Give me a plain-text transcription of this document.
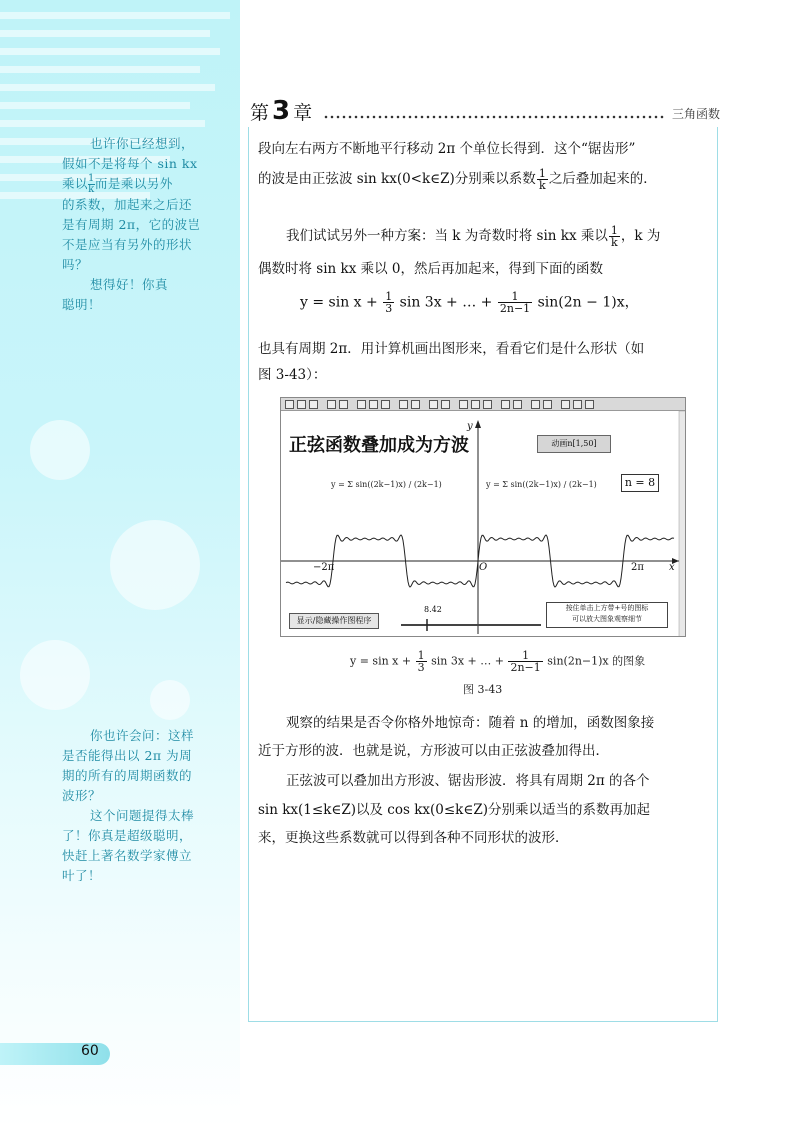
第3 章	三角函数
段向左右两方不断地平行移动 2π 个单位长得到．这个“锯齿形”
的波是由正弦波 sin kx(0<k∈Z)分别乘以系数 $\frac{1}{k}$ 之后叠加起来的．
我们试试另外一种方案：当 k 为奇数时将 sin kx 乘以 $\frac{1}{k}$ ，k 为
偶数时将 sin kx 乘以 0，然后再加起来，得到下面的函数
$y = \sin x + \frac{1}{3}$ sin 3x + … + $\frac{1}{2n-1} \sin(2n - 1)x$，
也具有周期 2π．用计算机画出图形来，看看它们是什么形状（如
图 3-43）：
正弦函数叠加成为方波
y = Σ sin((2k−1)x) / (2k−1)	y = Σ sin((2k−1)x) / (2k−1)
动画n[1,50]
n = 8
y
x
O
−2π	2π
8.42
显示/隐藏操作图程序
按住单击上方带+号的图标
可以放大图象观察细节
$y = \sin x + \frac{1}{3}$ sin 3x + … + $\frac{1}{2n-1} \sin(2n-1)x$ 的图象
图 3-43
观察的结果是否令你格外地惊奇：随着 n 的增加，函数图象接
近于方形的波．也就是说，方形波可以由正弦波叠加得出．
正弦波可以叠加出方形波、锯齿形波．将具有周期 2π 的各个
sin kx(1≤k∈Z)以及 cos kx(0≤k∈Z)分别乘以适当的系数再加起
来，更换这些系数就可以得到各种不同形状的波形．
也许你已经想到，
假如不是将每个 sin kx
乘以 $\frac{1}{k}$而是乘以另外
的系数，加起来之后还
是有周期 2π，它的波岂
不是应当有另外的形状
吗？
想得好！你真
聪明！
你也许会问：这样
是否能得出以 2π 为周
期的所有的周期函数的
波形？
这个问题提得太棒
了！你真是超级聪明，
快赶上著名数学家傅立
叶了！
60
